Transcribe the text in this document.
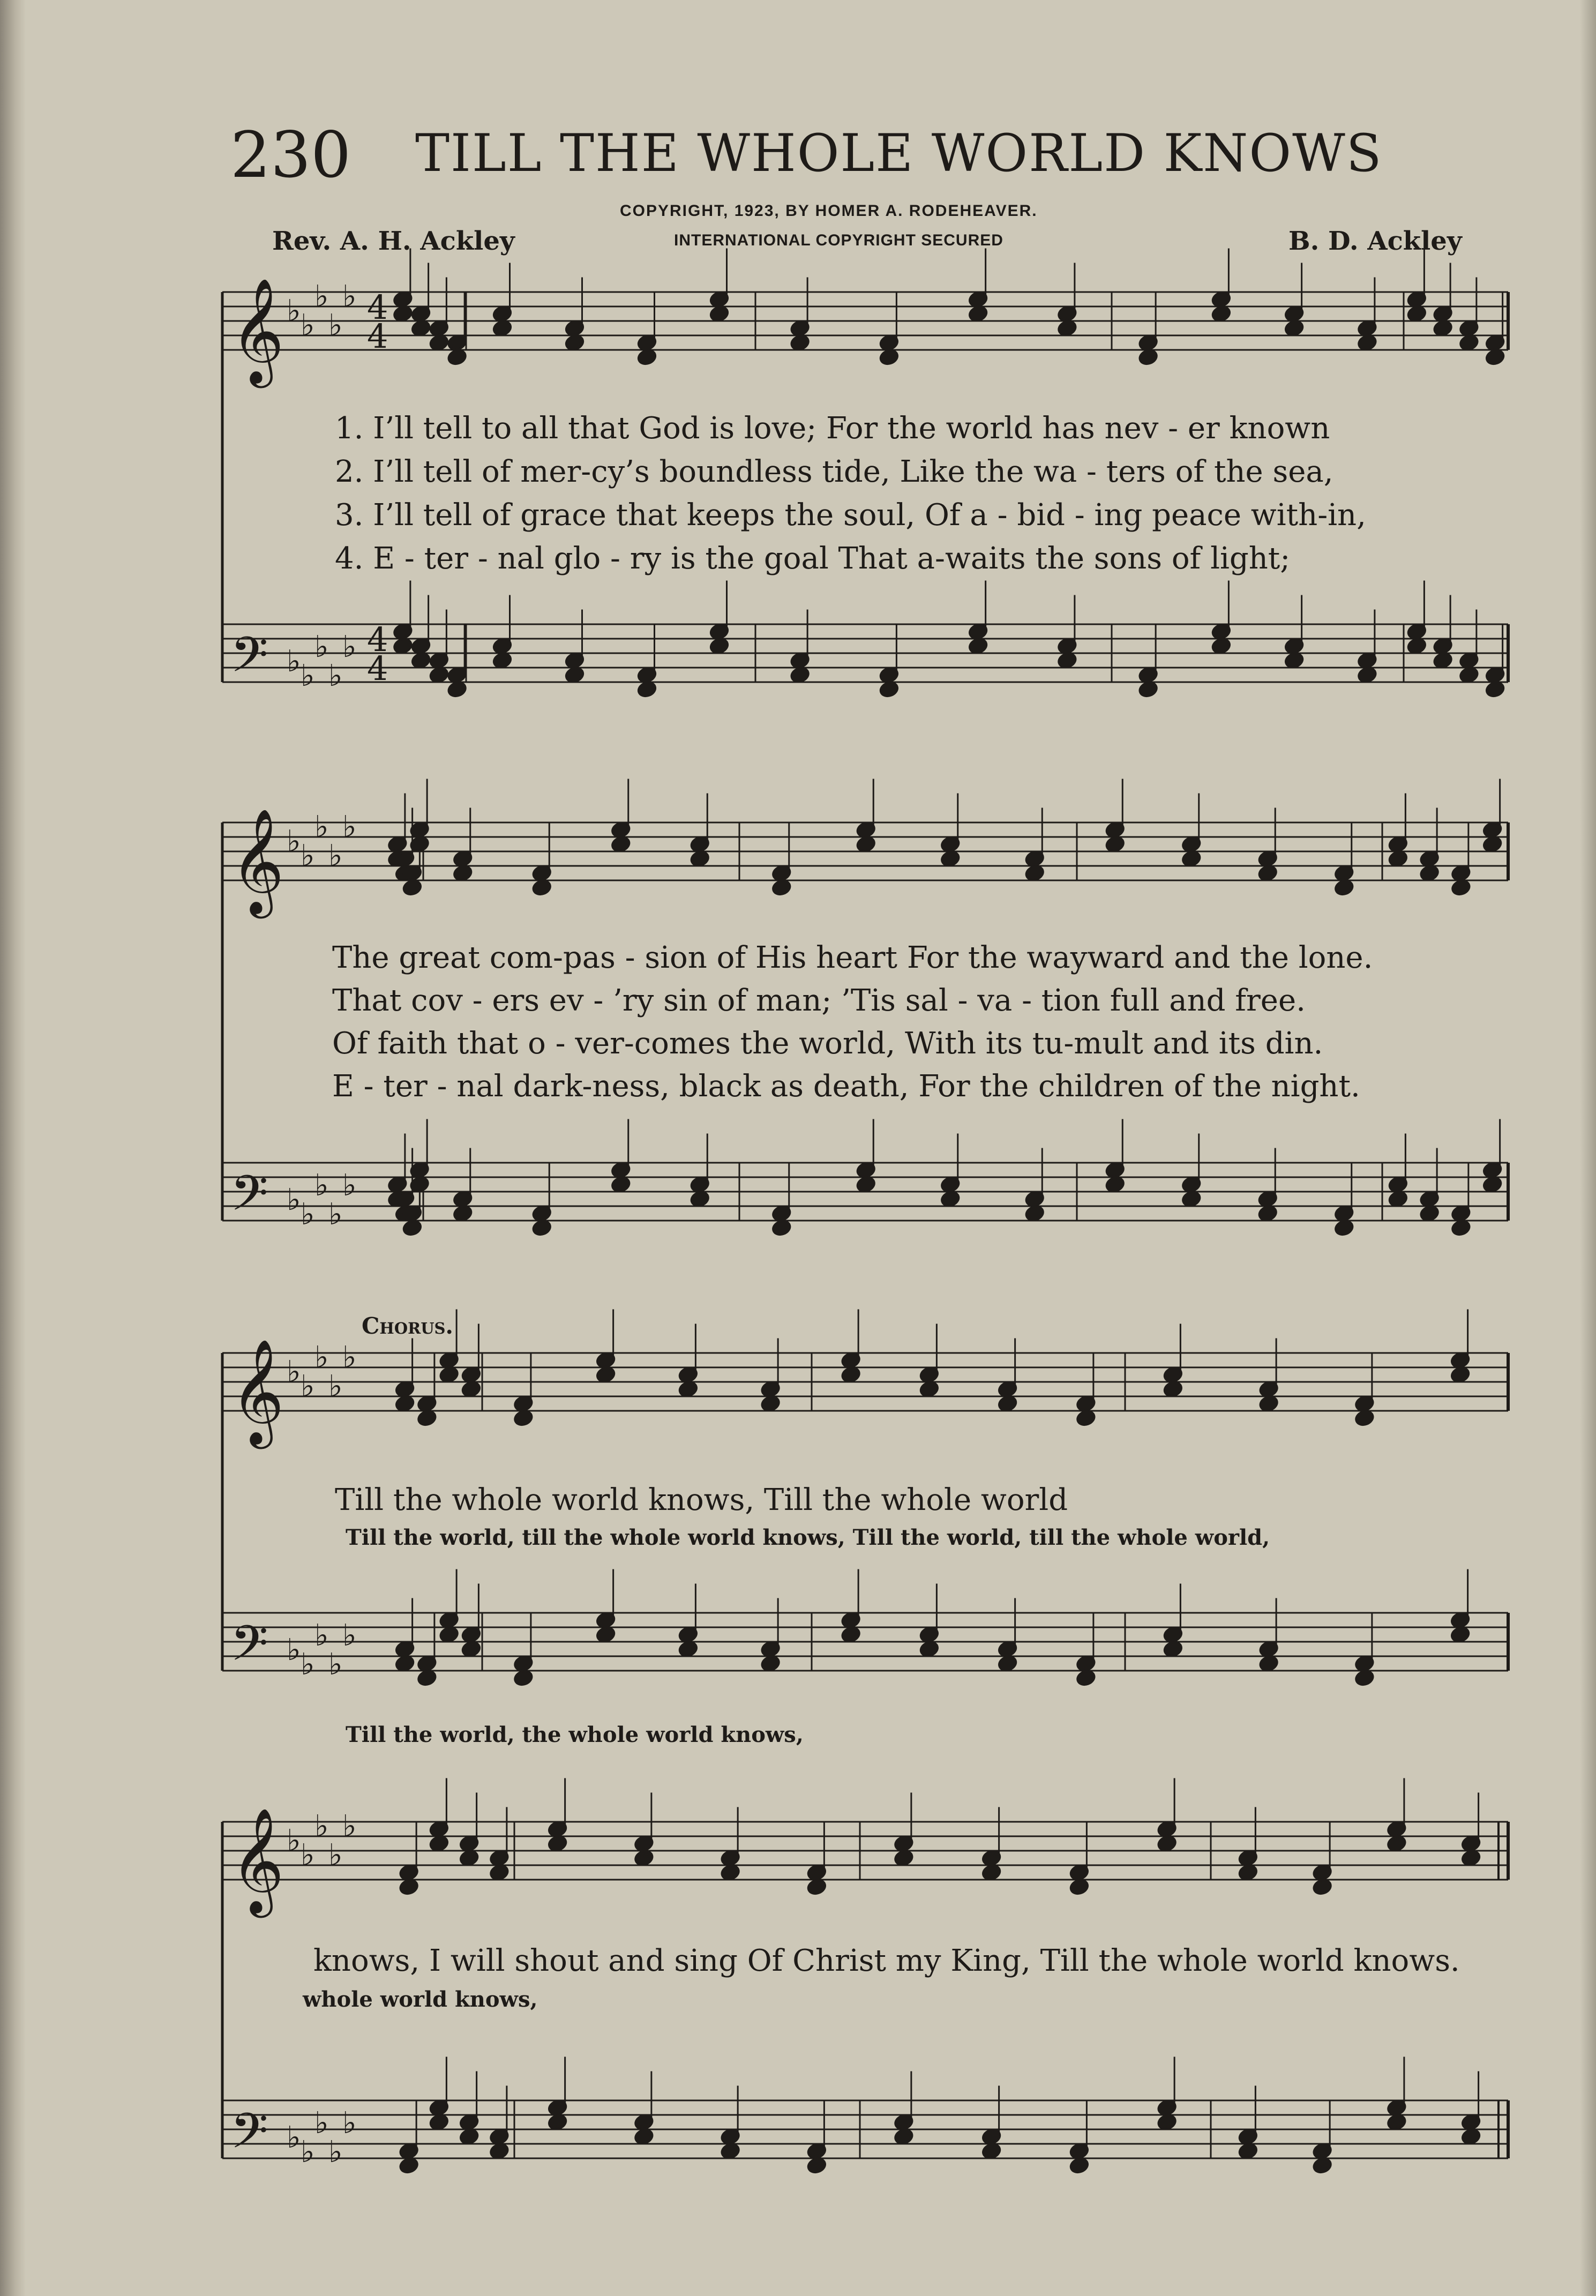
230 TILL THE WHOLE WORLD KNOWS
COPYRIGHT, 1923, BY HOMER A. RODEHEAVER.
Rev. A. H. Ackley	INTERNATIONAL COPYRIGHT SECURED	B. D. Ackley
𝄞 ♭ ♭
♭
♭
♭ 4
4
𝄢 ♭ ♭
♭
♭
♭ 4
4
𝄞 ♭ ♭
♭
♭
♭
𝄢 ♭ ♭
♭
♭
♭
𝄞 ♭ ♭
♭
♭
♭
𝄢 ♭ ♭
♭
♭
♭
𝄞 ♭ ♭
♭
♭
♭
𝄢 ♭ ♭
♭
♭
♭
1. I’ll tell to all that God is love; For the world has nev - er known
2. I’ll tell of mer-cy’s boundless tide, Like the wa - ters of the sea,
3. I’ll tell of grace that keeps the soul, Of a - bid - ing peace with-in,
4. E - ter - nal glo - ry is the goal That a-waits the sons of light;
The great com-pas - sion of His heart For the wayward and the lone.
That cov - ers ev - ’ry sin of man; ’Tis sal - va - tion full and free.
Of faith that o - ver-comes the world, With its tu-mult and its din.
E - ter - nal dark-ness, black as death, For the children of the night.
Chorus.
Till the whole world knows, Till the whole world
Till the world, till the whole world knows, Till the world, till the whole world,
Till the world, the whole world knows,
knows, I will shout and sing Of Christ my King, Till the whole world knows.
whole world knows,
